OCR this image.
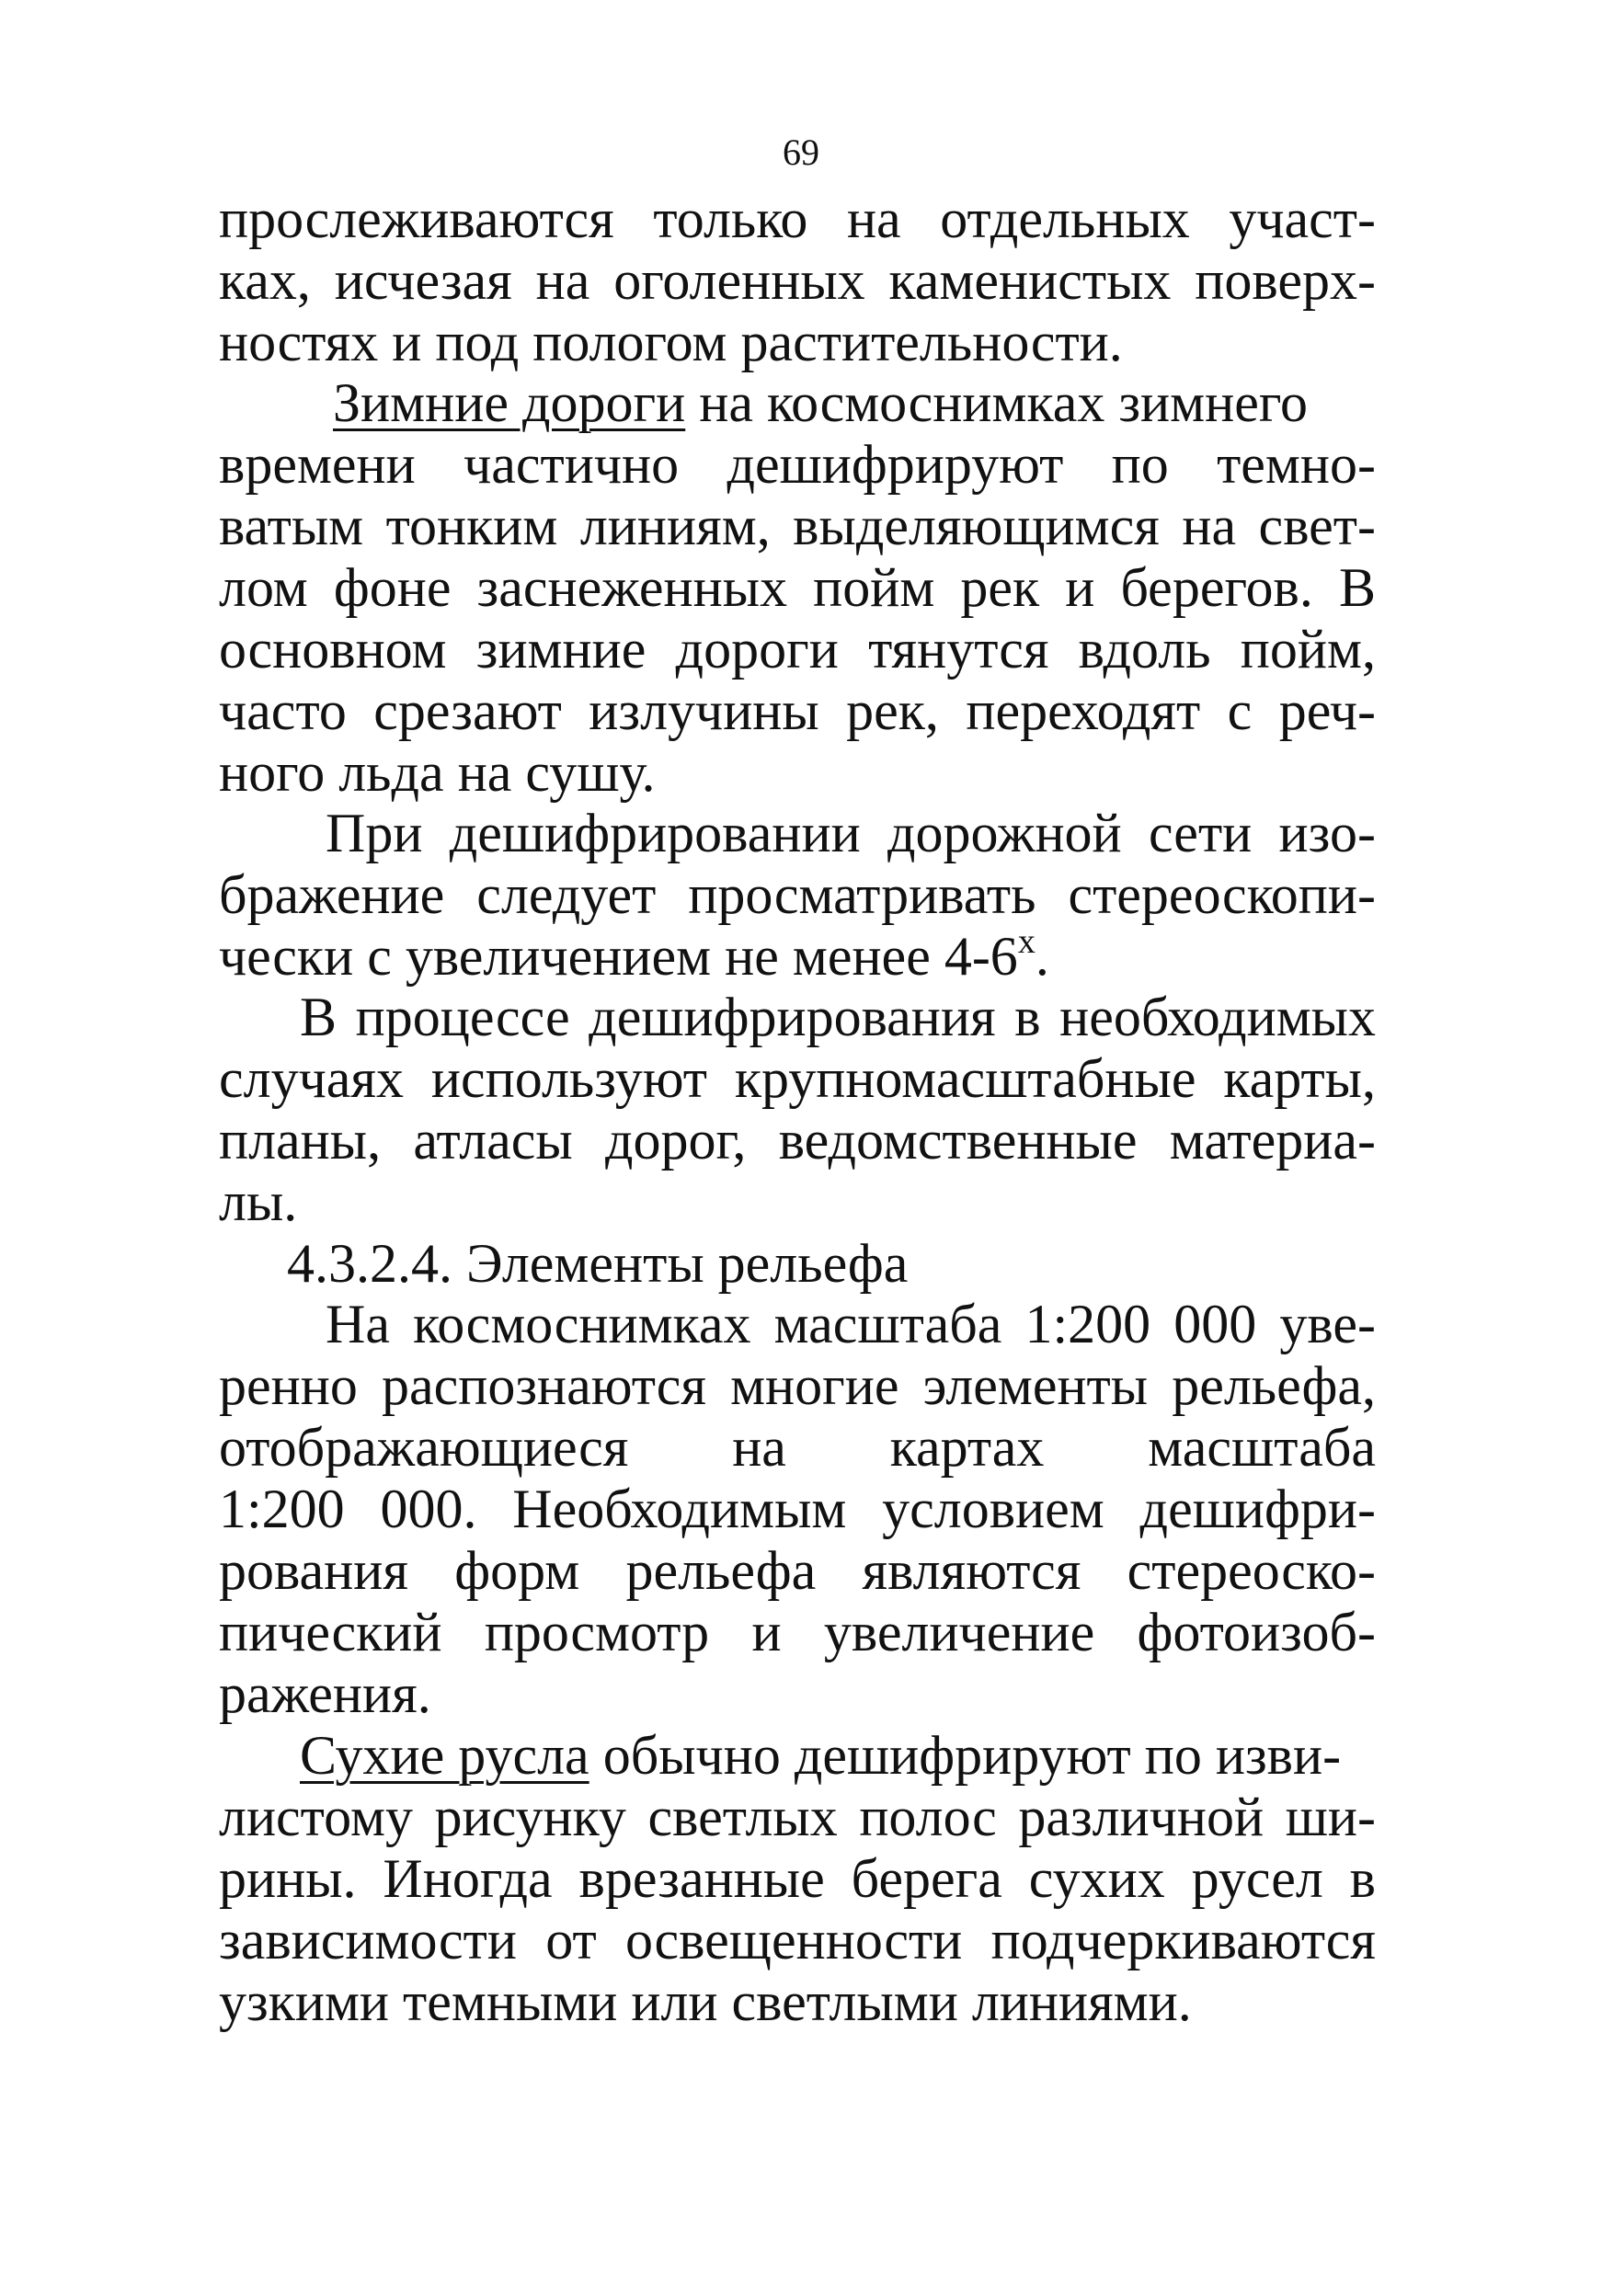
69
прослеживаются только на отдельных участ-
ках, исчезая на оголенных каменистых поверх-
ностях и под пологом растительности.
Зимние дороги на космоснимках зимнего
времени частично дешифрируют по темно-
ватым тонким линиям, выделяющимся на свет-
лом фоне заснеженных пойм рек и берегов. В
основном зимние дороги тянутся вдоль пойм,
часто срезают излучины рек, переходят с реч-
ного льда на сушу.
При дешифрировании дорожной сети изо-
бражение следует просматривать стереоскопи-
чески с увеличением не менее $4-6^х$.
В процессе дешифрирования в необходимых
случаях используют крупномасштабные карты,
планы, атласы дорог, ведомственные материа-
лы.
4.3.2.4. Элементы рельефа
На космоснимках масштаба 1:200 000 уве-
ренно распознаются многие элементы рельефа,
отображающиеся на картах масштаба
1:200 000. Необходимым условием дешифри-
рования форм рельефа являются стереоско-
пический просмотр и увеличение фотоизоб-
ражения.
Сухие русла обычно дешифрируют по изви-
листому рисунку светлых полос различной ши-
рины. Иногда врезанные берега сухих русел в
зависимости от освещенности подчеркиваются
узкими темными или светлыми линиями.
